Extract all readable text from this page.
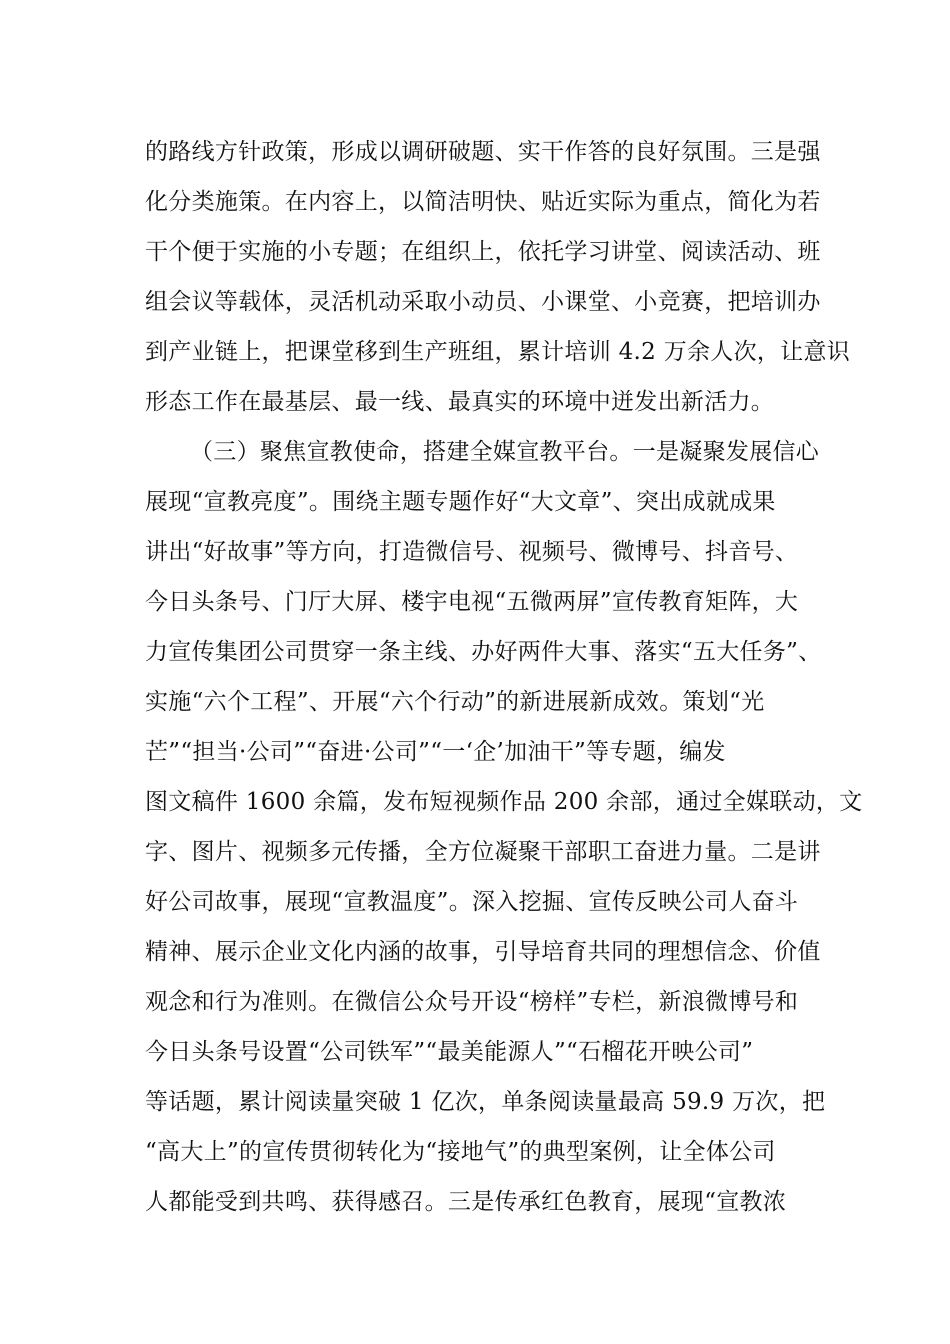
的路线方针政策，形成以调研破题、实干作答的良好氛围。三是强
化分类施策。在内容上，以简洁明快、贴近实际为重点，简化为若
干个便于实施的小专题；在组织上，依托学习讲堂、阅读活动、班
组会议等载体，灵活机动采取小动员、小课堂、小竞赛，把培训办
到产业链上，把课堂移到生产班组，累计培训 4.2 万余人次，让意识
形态工作在最基层、最一线、最真实的环境中迸发出新活力。
（三）聚焦宣教使命，搭建全媒宣教平台。一是凝聚发展信心
展现“宣教亮度”。围绕主题专题作好“大文章”、突出成就成果
讲出“好故事”等方向，打造微信号、视频号、微博号、抖音号、
今日头条号、门厅大屏、楼宇电视“五微两屏”宣传教育矩阵，大
力宣传集团公司贯穿一条主线、办好两件大事、落实“五大任务”、
实施“六个工程”、开展“六个行动”的新进展新成效。策划“光
芒”“担当·公司”“奋进·公司”“一‘企’加油干”等专题，编发
图文稿件 1600 余篇，发布短视频作品 200 余部，通过全媒联动，文
字、图片、视频多元传播，全方位凝聚干部职工奋进力量。二是讲
好公司故事，展现“宣教温度”。深入挖掘、宣传反映公司人奋斗
精神、展示企业文化内涵的故事，引导培育共同的理想信念、价值
观念和行为准则。在微信公众号开设“榜样”专栏，新浪微博号和
今日头条号设置“公司铁军”“最美能源人”“石榴花开映公司”
等话题，累计阅读量突破 1 亿次，单条阅读量最高 59.9 万次，把
“高大上”的宣传贯彻转化为“接地气”的典型案例，让全体公司
人都能受到共鸣、获得感召。三是传承红色教育，展现“宣教浓
